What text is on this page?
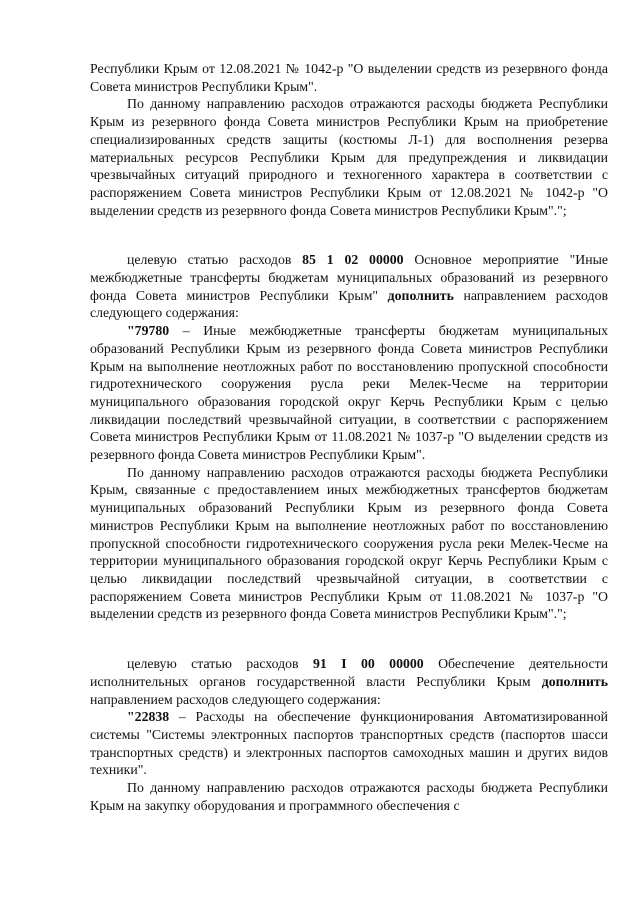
Республики Крым от 12.08.2021 № 1042-р "О выделении средств из резервного фонда Совета министров Республики Крым".

По данному направлению расходов отражаются расходы бюджета Республики Крым из резервного фонда Совета министров Республики Крым на приобретение специализированных средств защиты (костюмы Л-1) для восполнения резерва материальных ресурсов Республики Крым для предупреждения и ликвидации чрезвычайных ситуаций природного и техногенного характера в соответствии с распоряжением Совета министров Республики Крым от 12.08.2021 № 1042-р "О выделении средств из резервного фонда Совета министров Республики Крым".";

целевую статью расходов 85 1 02 00000 Основное мероприятие "Иные межбюджетные трансферты бюджетам муниципальных образований из резервного фонда Совета министров Республики Крым" дополнить направлением расходов следующего содержания:

"79780 – Иные межбюджетные трансферты бюджетам муниципальных образований Республики Крым из резервного фонда Совета министров Республики Крым на выполнение неотложных работ по восстановлению пропускной способности гидротехнического сооружения русла реки Мелек-Чесме на территории муниципального образования городской округ Керчь Республики Крым с целью ликвидации последствий чрезвычайной ситуации, в соответствии с распоряжением Совета министров Республики Крым от 11.08.2021 № 1037-р "О выделении средств из резервного фонда Совета министров Республики Крым".

По данному направлению расходов отражаются расходы бюджета Республики Крым, связанные с предоставлением иных межбюджетных трансфертов бюджетам муниципальных образований Республики Крым из резервного фонда Совета министров Республики Крым на выполнение неотложных работ по восстановлению пропускной способности гидротехнического сооружения русла реки Мелек-Чесме на территории муниципального образования городской округ Керчь Республики Крым с целью ликвидации последствий чрезвычайной ситуации, в соответствии с распоряжением Совета министров Республики Крым от 11.08.2021 № 1037-р "О выделении средств из резервного фонда Совета министров Республики Крым".";

целевую статью расходов 91 I 00 00000 Обеспечение деятельности исполнительных органов государственной власти Республики Крым дополнить направлением расходов следующего содержания:

"22838 – Расходы на обеспечение функционирования Автоматизированной системы "Системы электронных паспортов транспортных средств (паспортов шасси транспортных средств) и электронных паспортов самоходных машин и других видов техники".

По данному направлению расходов отражаются расходы бюджета Республики Крым на закупку оборудования и программного обеспечения с
